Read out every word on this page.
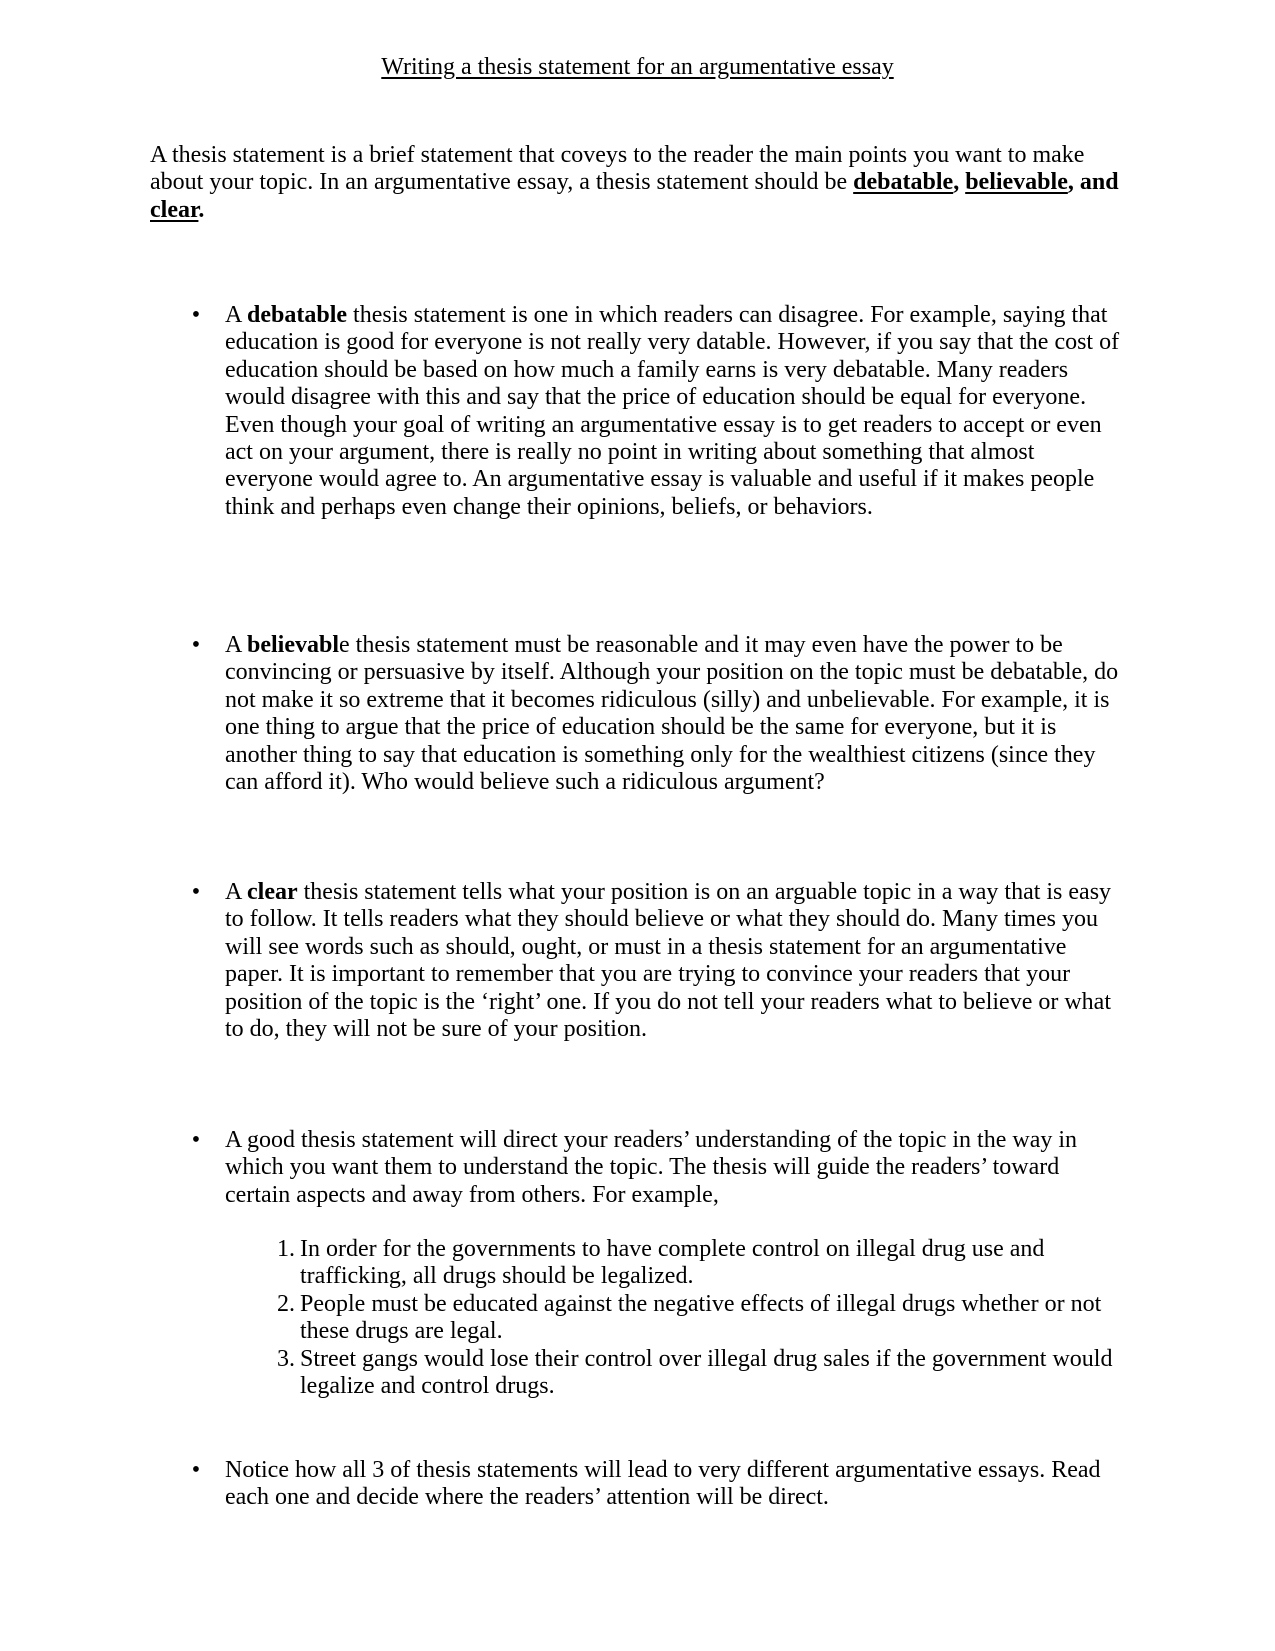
Writing a thesis statement for an argumentative essay
A thesis statement is a brief statement that coveys to the reader the main points you want to make about your topic. In an argumentative essay, a thesis statement should be debatable, believable, and clear.
• A debatable thesis statement is one in which readers can disagree. For example, saying that education is good for everyone is not really very datable. However, if you say that the cost of education should be based on how much a family earns is very debatable. Many readers would disagree with this and say that the price of education should be equal for everyone. Even though your goal of writing an argumentative essay is to get readers to accept or even act on your argument, there is really no point in writing about something that almost everyone would agree to. An argumentative essay is valuable and useful if it makes people think and perhaps even change their opinions, beliefs, or behaviors.
• A believable thesis statement must be reasonable and it may even have the power to be convincing or persuasive by itself. Although your position on the topic must be debatable, do not make it so extreme that it becomes ridiculous (silly) and unbelievable. For example, it is one thing to argue that the price of education should be the same for everyone, but it is another thing to say that education is something only for the wealthiest citizens (since they can afford it). Who would believe such a ridiculous argument?
• A clear thesis statement tells what your position is on an arguable topic in a way that is easy to follow. It tells readers what they should believe or what they should do. Many times you will see words such as should, ought, or must in a thesis statement for an argumentative paper. It is important to remember that you are trying to convince your readers that your position of the topic is the ‘right’ one. If you do not tell your readers what to believe or what to do, they will not be sure of your position.
• A good thesis statement will direct your readers’ understanding of the topic in the way in which you want them to understand the topic. The thesis will guide the readers’ toward certain aspects and away from others. For example,
1. In order for the governments to have complete control on illegal drug use and trafficking, all drugs should be legalized.
2. People must be educated against the negative effects of illegal drugs whether or not these drugs are legal.
3. Street gangs would lose their control over illegal drug sales if the government would legalize and control drugs.
• Notice how all 3 of thesis statements will lead to very different argumentative essays. Read each one and decide where the readers’ attention will be direct.
